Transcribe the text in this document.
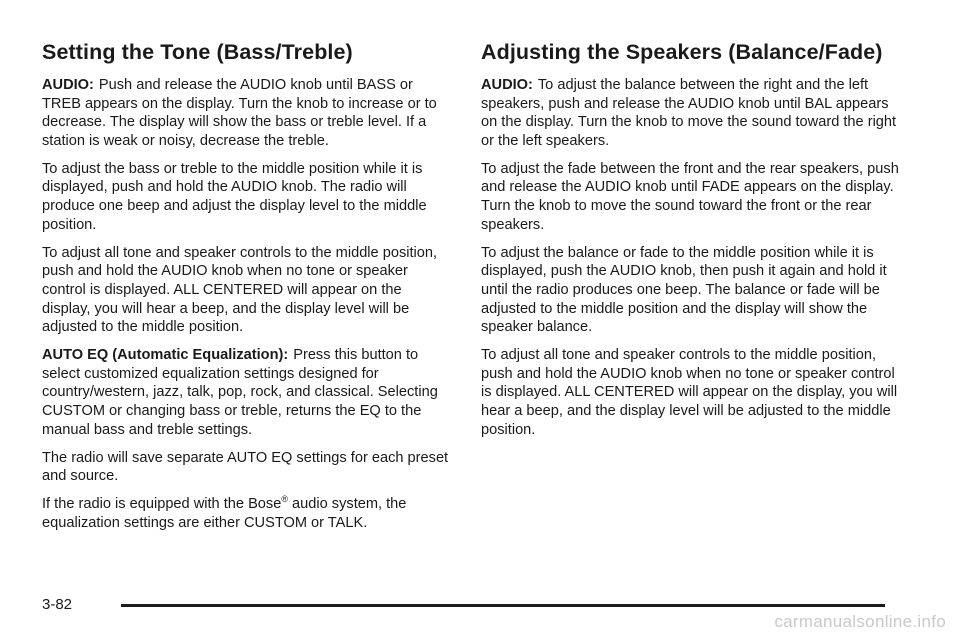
Setting the Tone (Bass/Treble)

AUDIO: Push and release the AUDIO knob until BASS or TREB appears on the display. Turn the knob to increase or to decrease. The display will show the bass or treble level. If a station is weak or noisy, decrease the treble.

To adjust the bass or treble to the middle position while it is displayed, push and hold the AUDIO knob. The radio will produce one beep and adjust the display level to the middle position.

To adjust all tone and speaker controls to the middle position, push and hold the AUDIO knob when no tone or speaker control is displayed. ALL CENTERED will appear on the display, you will hear a beep, and the display level will be adjusted to the middle position.

AUTO EQ (Automatic Equalization): Press this button to select customized equalization settings designed for country/western, jazz, talk, pop, rock, and classical. Selecting CUSTOM or changing bass or treble, returns the EQ to the manual bass and treble settings.

The radio will save separate AUTO EQ settings for each preset and source.

If the radio is equipped with the Bose® audio system, the equalization settings are either CUSTOM or TALK.

Adjusting the Speakers (Balance/Fade)

AUDIO: To adjust the balance between the right and the left speakers, push and release the AUDIO knob until BAL appears on the display. Turn the knob to move the sound toward the right or the left speakers.

To adjust the fade between the front and the rear speakers, push and release the AUDIO knob until FADE appears on the display. Turn the knob to move the sound toward the front or the rear speakers.

To adjust the balance or fade to the middle position while it is displayed, push the AUDIO knob, then push it again and hold it until the radio produces one beep. The balance or fade will be adjusted to the middle position and the display will show the speaker balance.

To adjust all tone and speaker controls to the middle position, push and hold the AUDIO knob when no tone or speaker control is displayed. ALL CENTERED will appear on the display, you will hear a beep, and the display level will be adjusted to the middle position.

3-82
carmanualsonline.info
